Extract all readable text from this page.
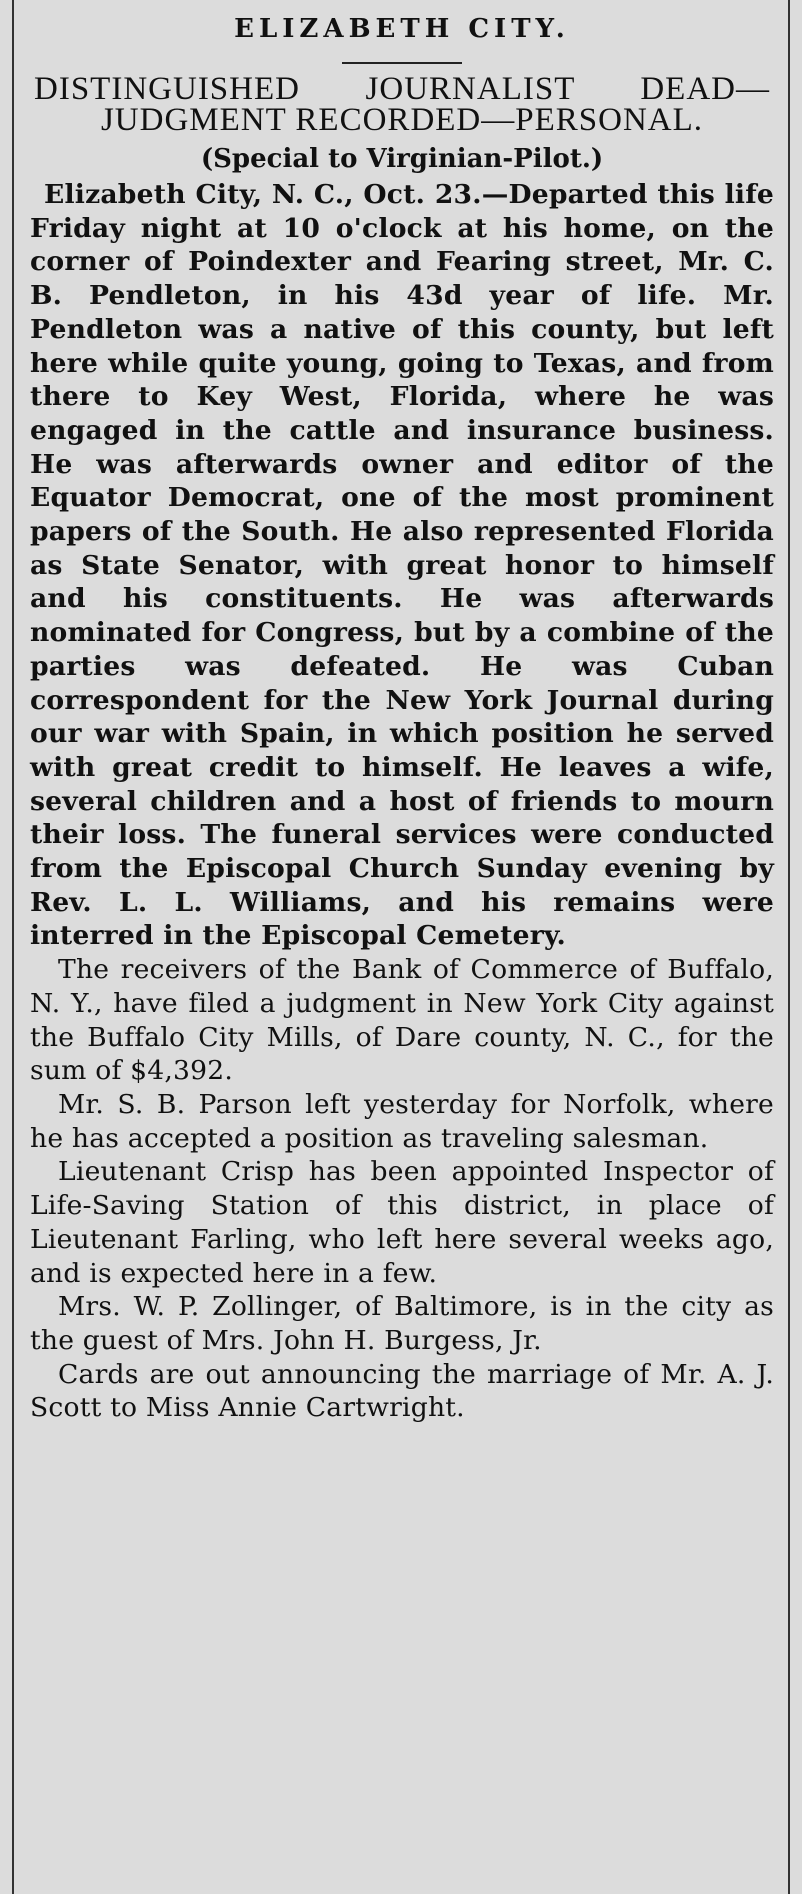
ELIZABETH CITY.
DISTINGUISHED JOURNALIST DEAD—JUDGMENT RECORDED—PERSONAL.
(Special to Virginian-Pilot.)

Elizabeth City, N. C., Oct. 23.—Departed this life Friday night at 10 o'clock at his home, on the corner of Poindexter and Fearing street, Mr. C. B. Pendleton, in his 43d year of life. Mr. Pendleton was a native of this county, but left here while quite young, going to Texas, and from there to Key West, Florida, where he was engaged in the cattle and insurance business. He was afterwards owner and editor of the Equator Democrat, one of the most prominent papers of the South. He also represented Florida as State Senator, with great honor to himself and his constituents. He was afterwards nominated for Congress, but by a combine of the parties was defeated. He was Cuban correspondent for the New York Journal during our war with Spain, in which position he served with great credit to himself. He leaves a wife, several children and a host of friends to mourn their loss. The funeral services were conducted from the Episcopal Church Sunday evening by Rev. L. L. Williams, and his remains were interred in the Episcopal Cemetery.

The receivers of the Bank of Commerce of Buffalo, N. Y., have filed a judgment in New York City against the Buffalo City Mills, of Dare county, N. C., for the sum of $4,392.

Mr. S. B. Parson left yesterday for Norfolk, where he has accepted a position as traveling salesman.

Lieutenant Crisp has been appointed Inspector of Life-Saving Station of this district, in place of Lieutenant Farling, who left here several weeks ago, and is expected here in a few.

Mrs. W. P. Zollinger, of Baltimore, is in the city as the guest of Mrs. John H. Burgess, Jr.

Cards are out announcing the marriage of Mr. A. J. Scott to Miss Annie Cartwright.
